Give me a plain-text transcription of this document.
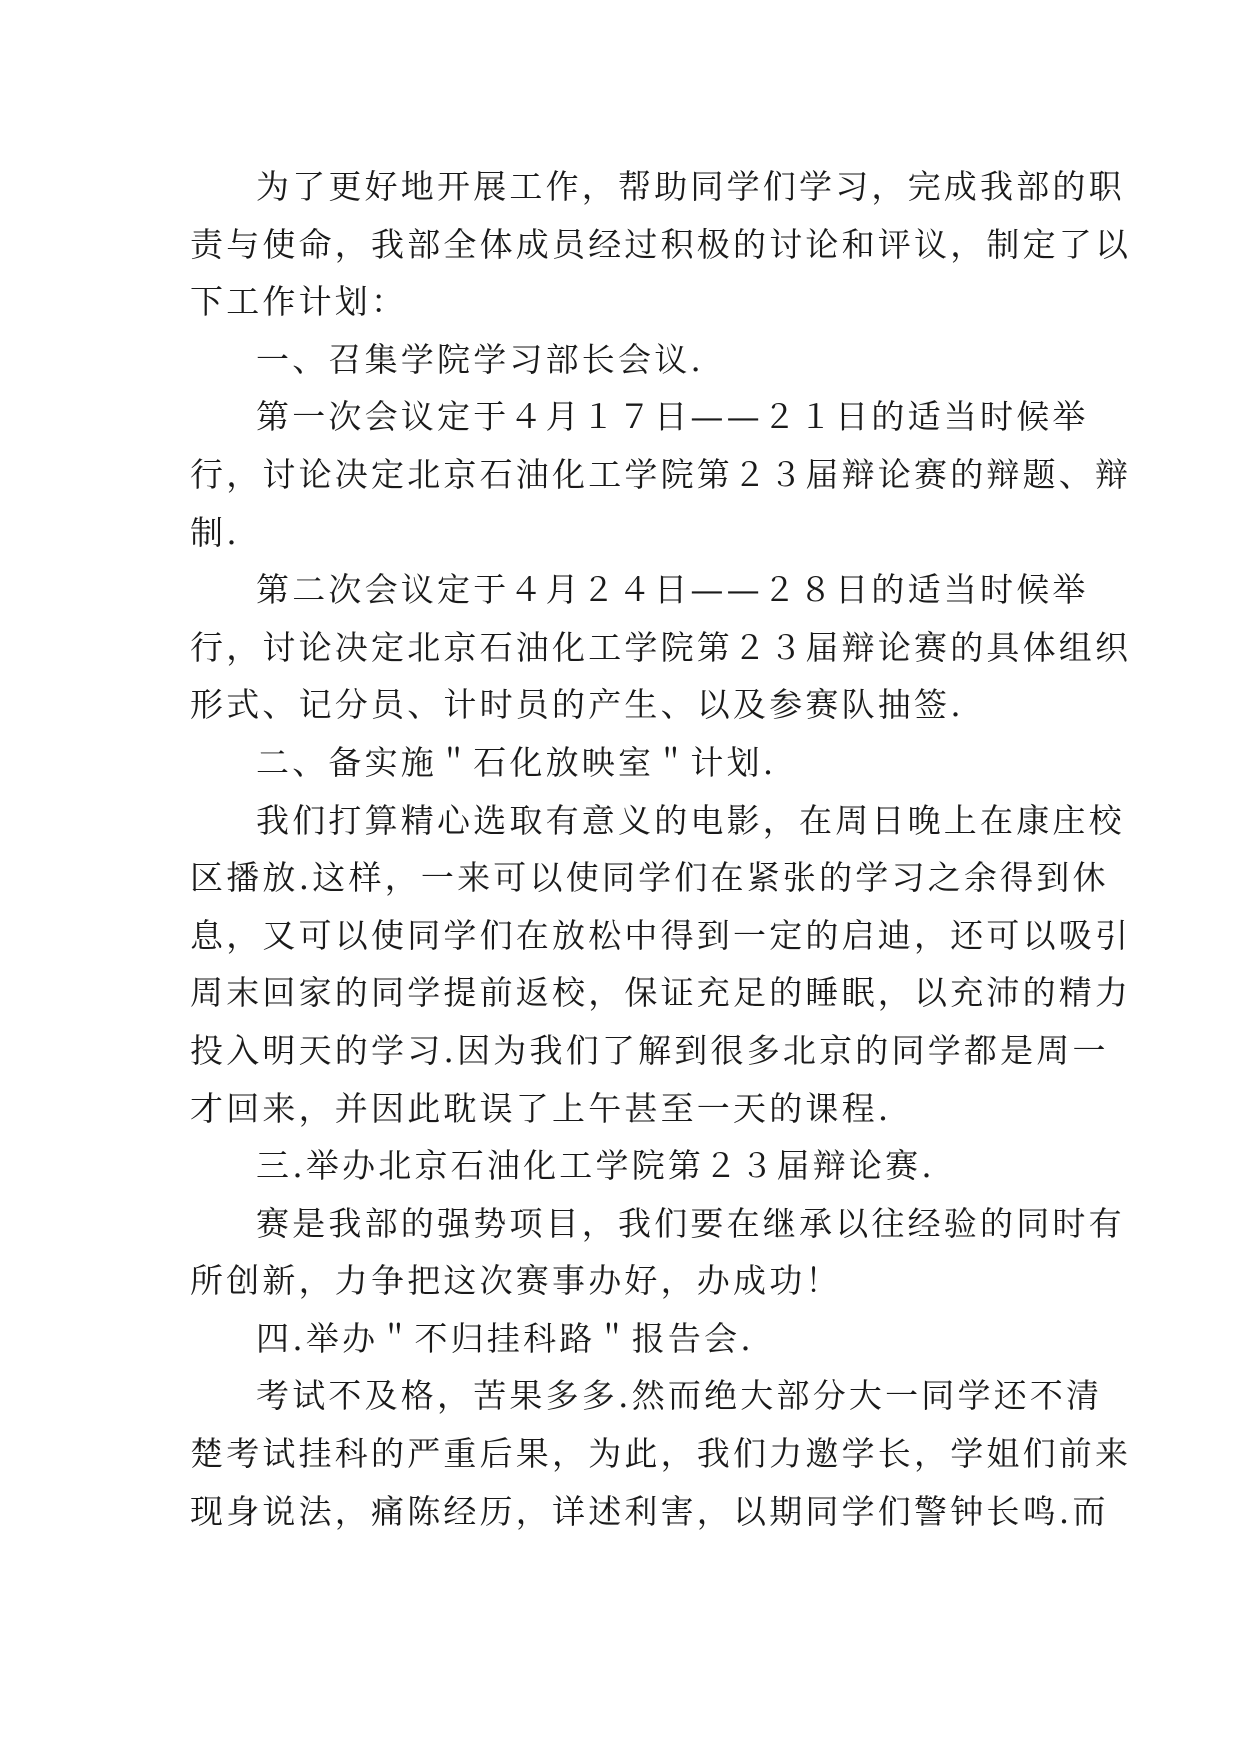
为了更好地开展工作，帮助同学们学习，完成我部的职
责与使命，我部全体成员经过积极的讨论和评议，制定了以
下工作计划：
一、召集学院学习部长会议.
第一次会议定于４月１７日——２１日的适当时候举
行，讨论决定北京石油化工学院第２３届辩论赛的辩题、辩
制.
第二次会议定于４月２４日——２８日的适当时候举
行，讨论决定北京石油化工学院第２３届辩论赛的具体组织
形式、记分员、计时员的产生、以及参赛队抽签.
二、备实施＂石化放映室＂计划.
我们打算精心选取有意义的电影，在周日晚上在康庄校
区播放.这样，一来可以使同学们在紧张的学习之余得到休
息，又可以使同学们在放松中得到一定的启迪，还可以吸引
周末回家的同学提前返校，保证充足的睡眠，以充沛的精力
投入明天的学习.因为我们了解到很多北京的同学都是周一
才回来，并因此耽误了上午甚至一天的课程.
三.举办北京石油化工学院第２３届辩论赛.
赛是我部的强势项目，我们要在继承以往经验的同时有
所创新，力争把这次赛事办好，办成功！
四.举办＂不归挂科路＂报告会.
考试不及格，苦果多多.然而绝大部分大一同学还不清
楚考试挂科的严重后果，为此，我们力邀学长，学姐们前来
现身说法，痛陈经历，详述利害，以期同学们警钟长鸣.而
